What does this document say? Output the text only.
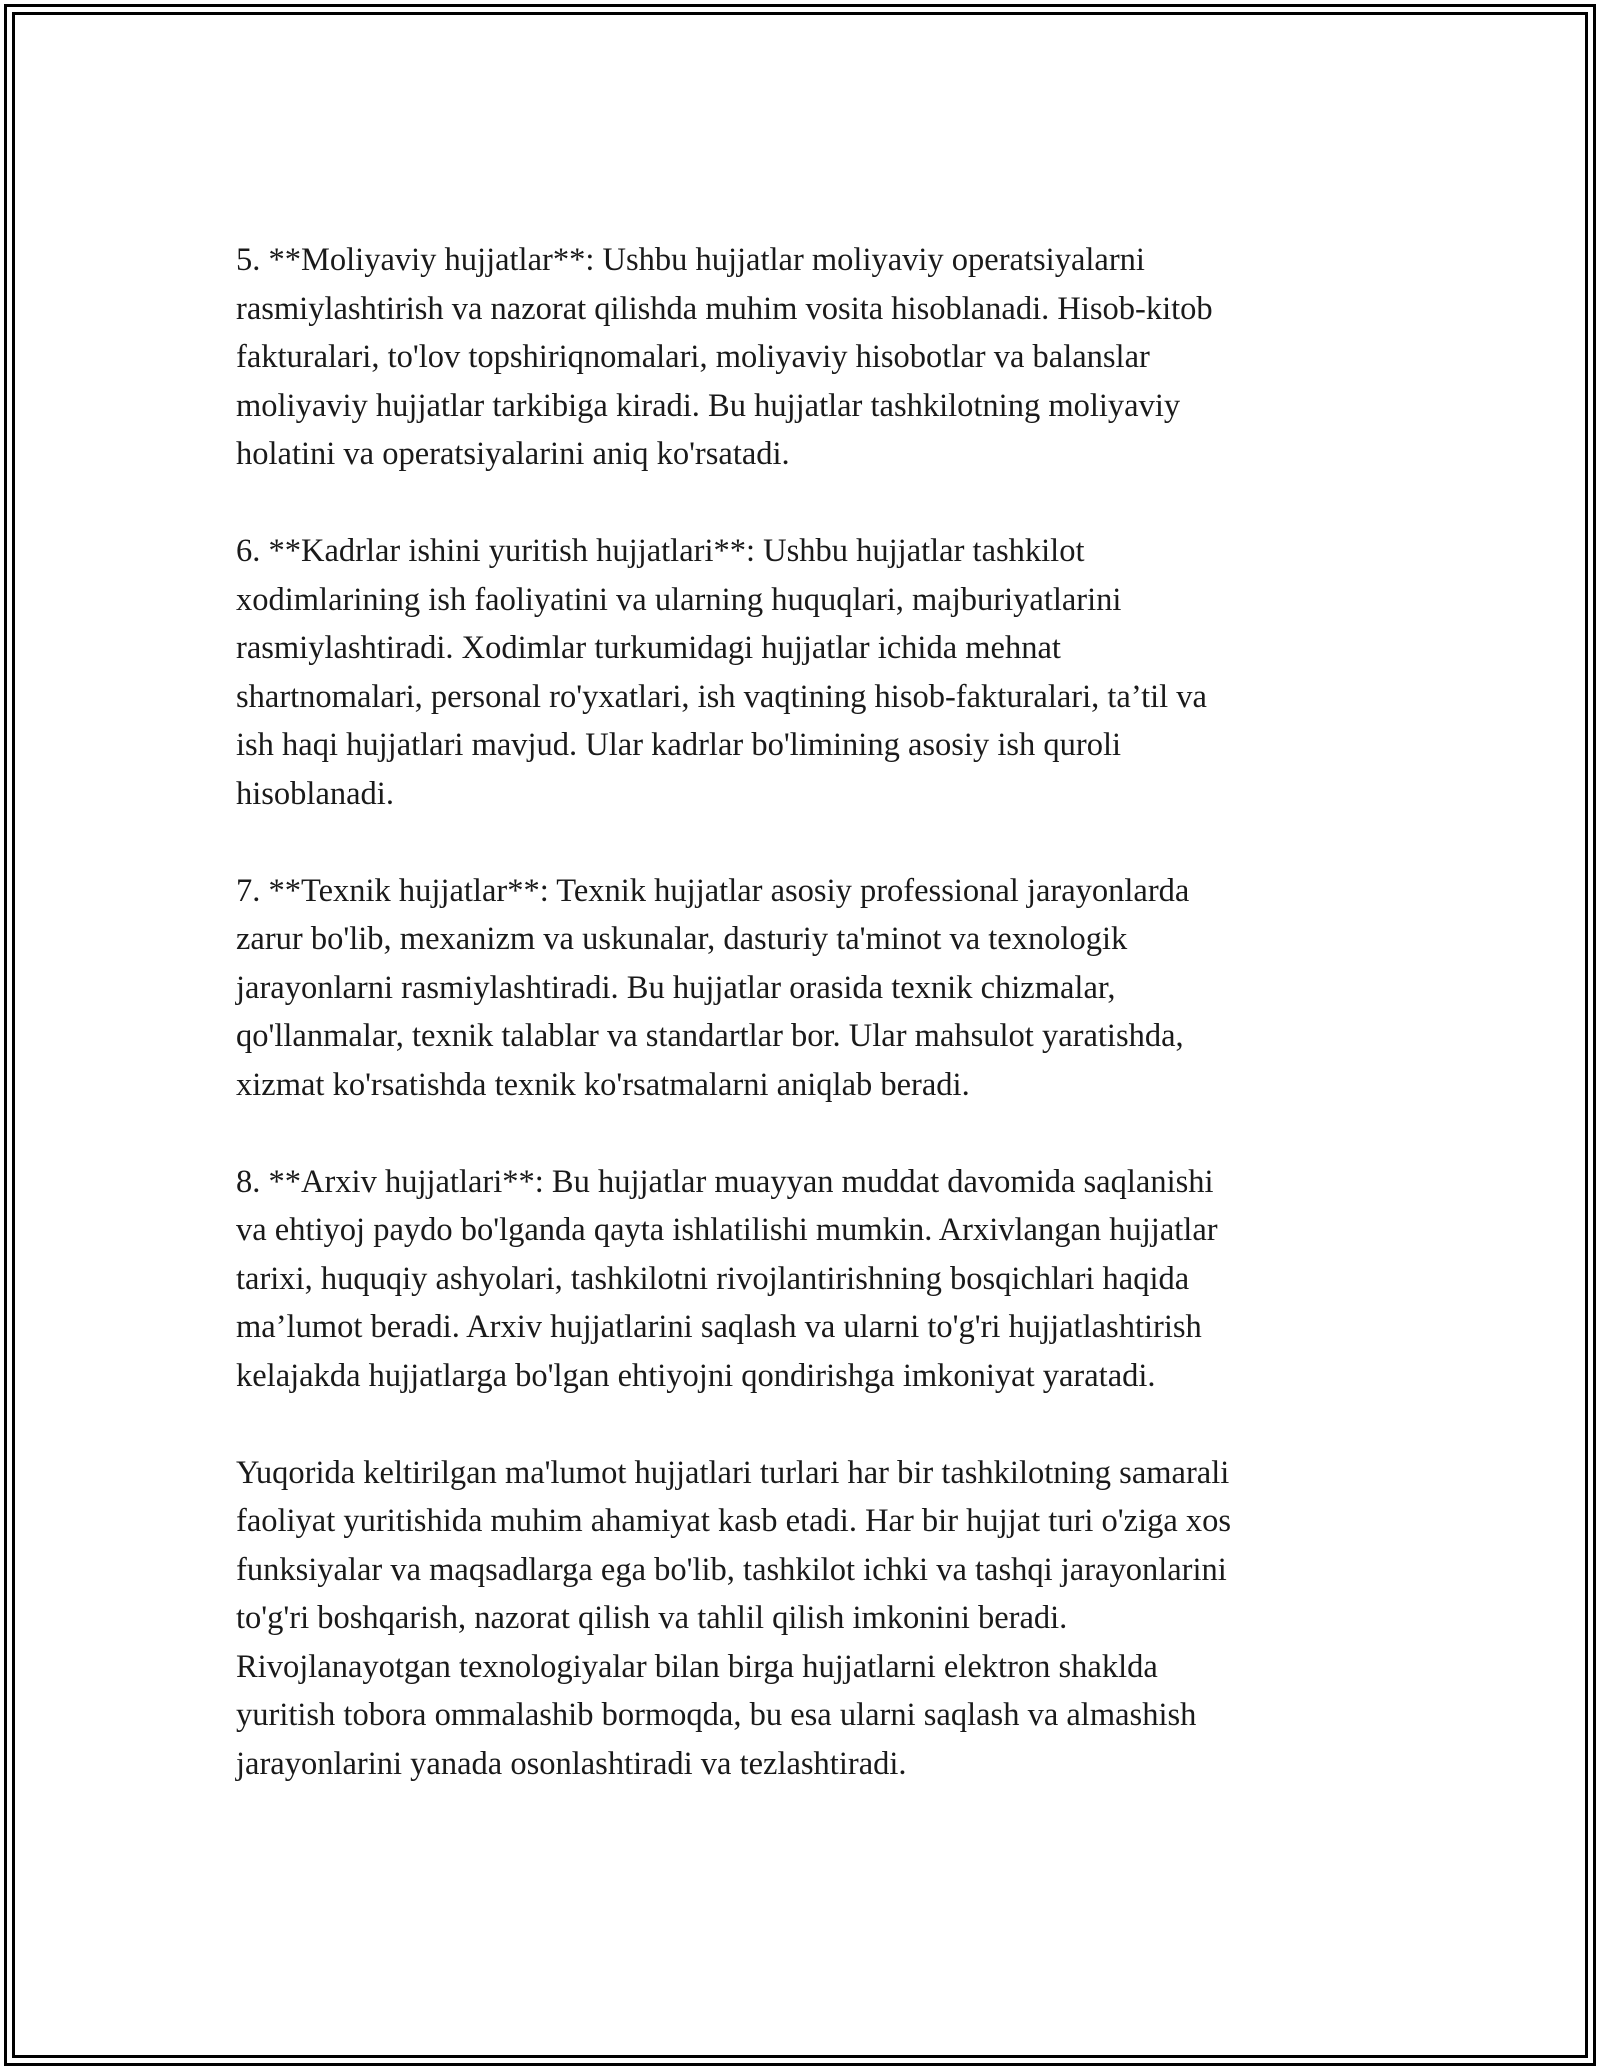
5. **Moliyaviy hujjatlar**: Ushbu hujjatlar moliyaviy operatsiyalarni
rasmiylashtirish va nazorat qilishda muhim vosita hisoblanadi. Hisob-kitob
fakturalari, to'lov topshiriqnomalari, moliyaviy hisobotlar va balanslar
moliyaviy hujjatlar tarkibiga kiradi. Bu hujjatlar tashkilotning moliyaviy
holatini va operatsiyalarini aniq ko'rsatadi.

6. **Kadrlar ishini yuritish hujjatlari**: Ushbu hujjatlar tashkilot
xodimlarining ish faoliyatini va ularning huquqlari, majburiyatlarini
rasmiylashtiradi. Xodimlar turkumidagi hujjatlar ichida mehnat
shartnomalari, personal ro'yxatlari, ish vaqtining hisob-fakturalari, ta’til va
ish haqi hujjatlari mavjud. Ular kadrlar bo'limining asosiy ish quroli
hisoblanadi.

7. **Texnik hujjatlar**: Texnik hujjatlar asosiy professional jarayonlarda
zarur bo'lib, mexanizm va uskunalar, dasturiy ta'minot va texnologik
jarayonlarni rasmiylashtiradi. Bu hujjatlar orasida texnik chizmalar,
qo'llanmalar, texnik talablar va standartlar bor. Ular mahsulot yaratishda,
xizmat ko'rsatishda texnik ko'rsatmalarni aniqlab beradi.

8. **Arxiv hujjatlari**: Bu hujjatlar muayyan muddat davomida saqlanishi
va ehtiyoj paydo bo'lganda qayta ishlatilishi mumkin. Arxivlangan hujjatlar
tarixi, huquqiy ashyolari, tashkilotni rivojlantirishning bosqichlari haqida
ma’lumot beradi. Arxiv hujjatlarini saqlash va ularni to'g'ri hujjatlashtirish
kelajakda hujjatlarga bo'lgan ehtiyojni qondirishga imkoniyat yaratadi.

Yuqorida keltirilgan ma'lumot hujjatlari turlari har bir tashkilotning samarali
faoliyat yuritishida muhim ahamiyat kasb etadi. Har bir hujjat turi o'ziga xos
funksiyalar va maqsadlarga ega bo'lib, tashkilot ichki va tashqi jarayonlarini
to'g'ri boshqarish, nazorat qilish va tahlil qilish imkonini beradi.
Rivojlanayotgan texnologiyalar bilan birga hujjatlarni elektron shaklda
yuritish tobora ommalashib bormoqda, bu esa ularni saqlash va almashish
jarayonlarini yanada osonlashtiradi va tezlashtiradi.
